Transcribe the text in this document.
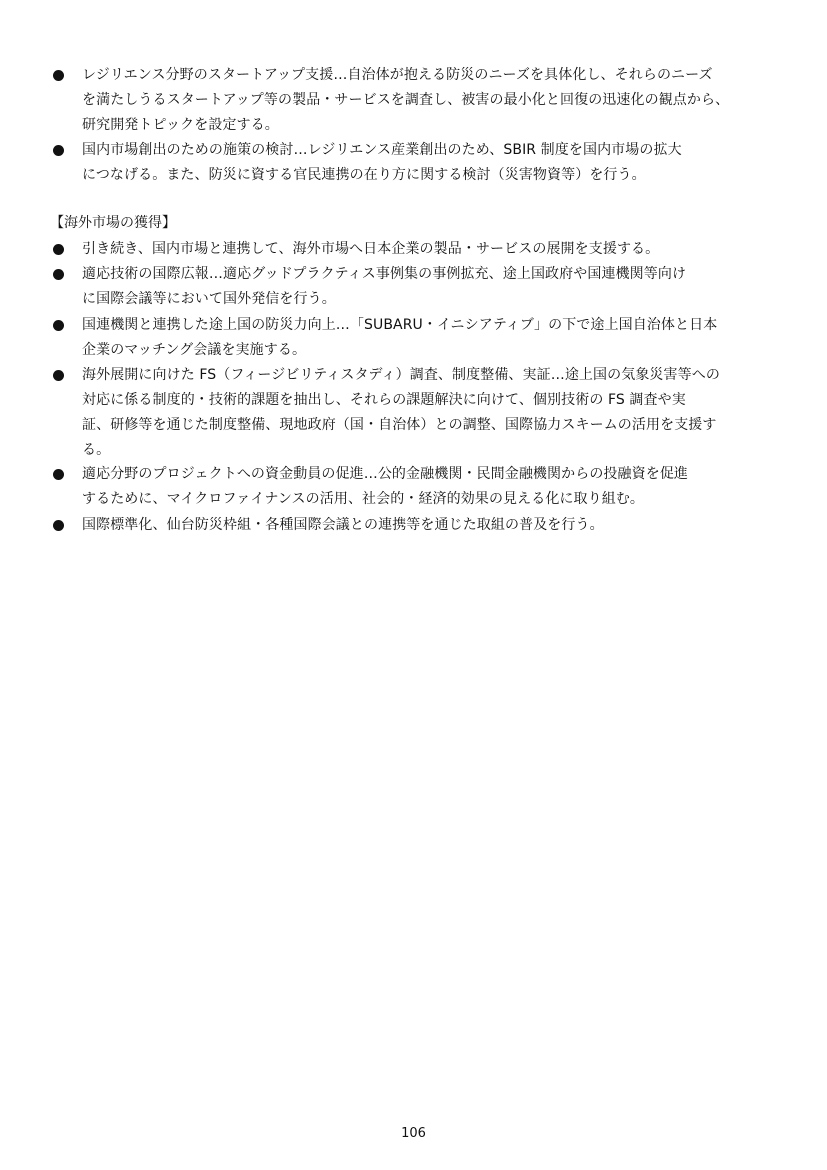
レジリエンス分野のスタートアップ支援…自治体が抱える防災のニーズを具体化し、それらのニーズ
を満たしうるスタートアップ等の製品・サービスを調査し、被害の最小化と回復の迅速化の観点から、
研究開発トピックを設定する。
国内市場創出のための施策の検討…レジリエンス産業創出のため、SBIR 制度を国内市場の拡大
につなげる。また、防災に資する官民連携の在り方に関する検討（災害物資等）を行う。
【海外市場の獲得】
引き続き、国内市場と連携して、海外市場へ日本企業の製品・サービスの展開を支援する。
適応技術の国際広報…適応グッドプラクティス事例集の事例拡充、途上国政府や国連機関等向け
に国際会議等において国外発信を行う。
国連機関と連携した途上国の防災力向上…「SUBARU・イニシアティブ」の下で途上国自治体と日本
企業のマッチング会議を実施する。
海外展開に向けた FS（フィージビリティスタディ）調査、制度整備、実証…途上国の気象災害等への
対応に係る制度的・技術的課題を抽出し、それらの課題解決に向けて、個別技術の FS 調査や実
証、研修等を通じた制度整備、現地政府（国・自治体）との調整、国際協力スキームの活用を支援す
る。
適応分野のプロジェクトへの資金動員の促進…公的金融機関・民間金融機関からの投融資を促進
するために、マイクロファイナンスの活用、社会的・経済的効果の見える化に取り組む。
国際標準化、仙台防災枠組・各種国際会議との連携等を通じた取組の普及を行う。
106
